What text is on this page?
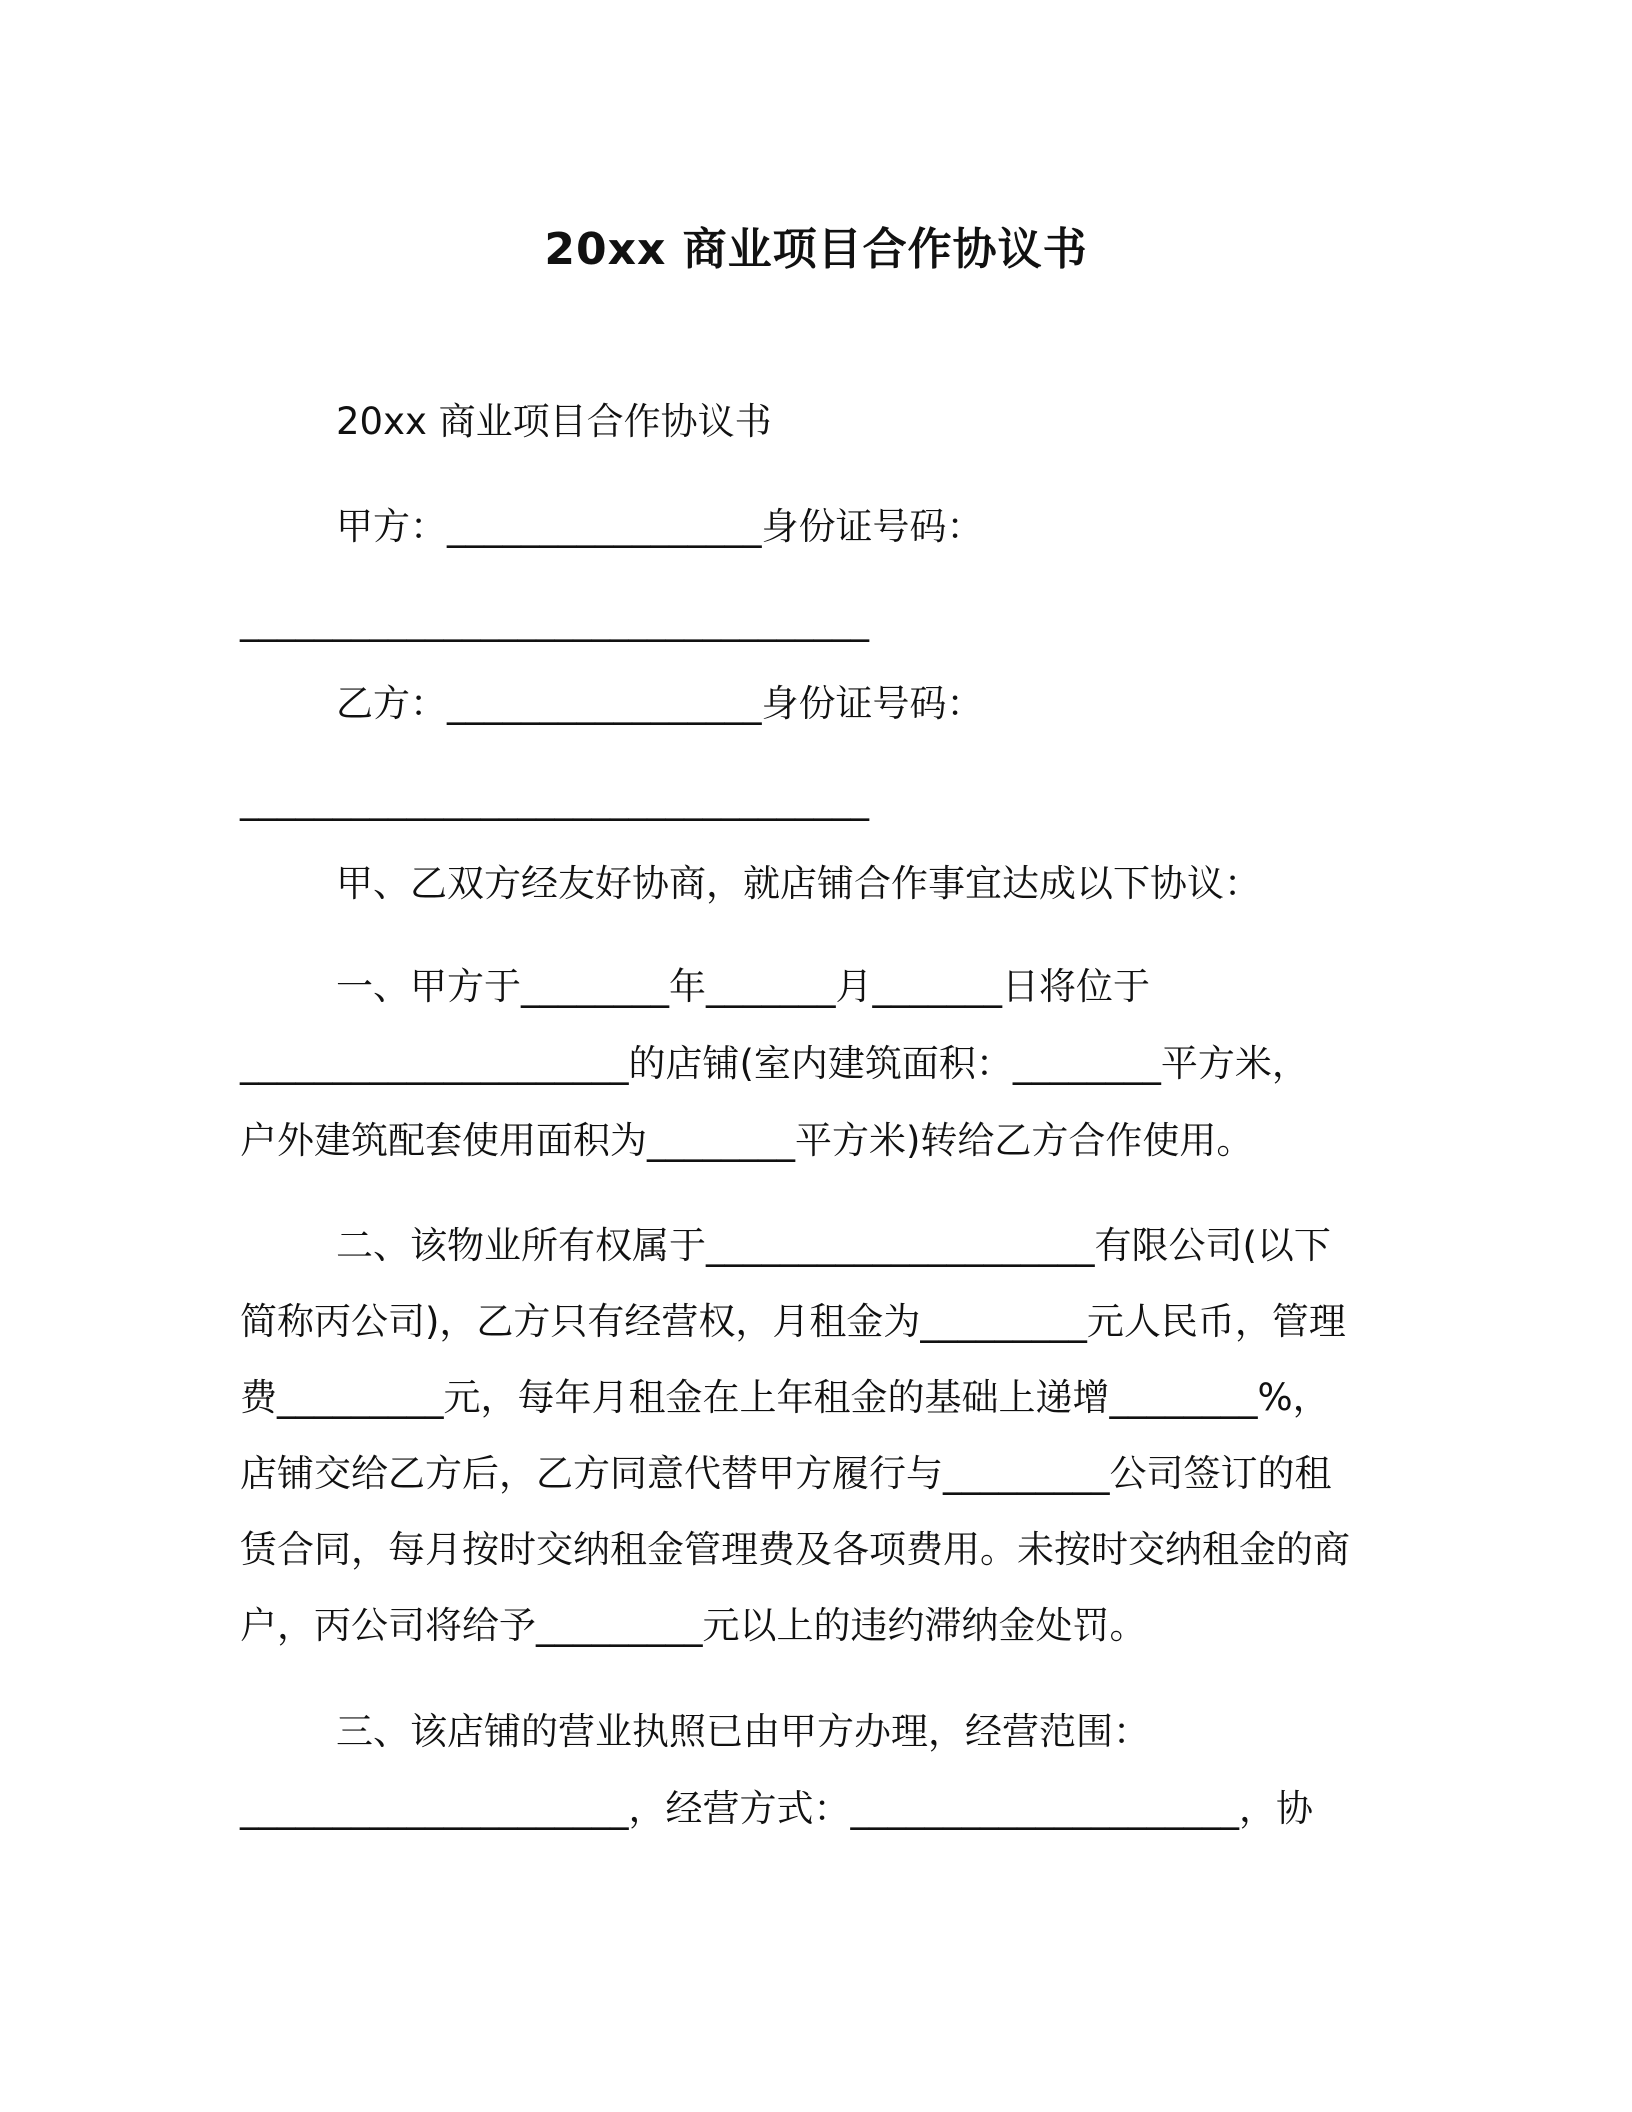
20xx 商业项目合作协议书

20xx 商业项目合作协议书

甲方：_________________身份证号码：

__________________________________

乙方：_________________身份证号码：

__________________________________

甲、乙双方经友好协商，就店铺合作事宜达成以下协议：

一、甲方于________年_______月_______日将位于

_____________________的店铺(室内建筑面积：________平方米，

户外建筑配套使用面积为________平方米)转给乙方合作使用。

二、该物业所有权属于_____________________有限公司(以下

简称丙公司)，乙方只有经营权，月租金为_________元人民币，管理

费_________元，每年月租金在上年租金的基础上递增________%，

店铺交给乙方后，乙方同意代替甲方履行与_________公司签订的租

赁合同，每月按时交纳租金管理费及各项费用。未按时交纳租金的商

户，丙公司将给予_________元以上的违约滞纳金处罚。

三、该店铺的营业执照已由甲方办理，经营范围：

_____________________，经营方式：_____________________，协
